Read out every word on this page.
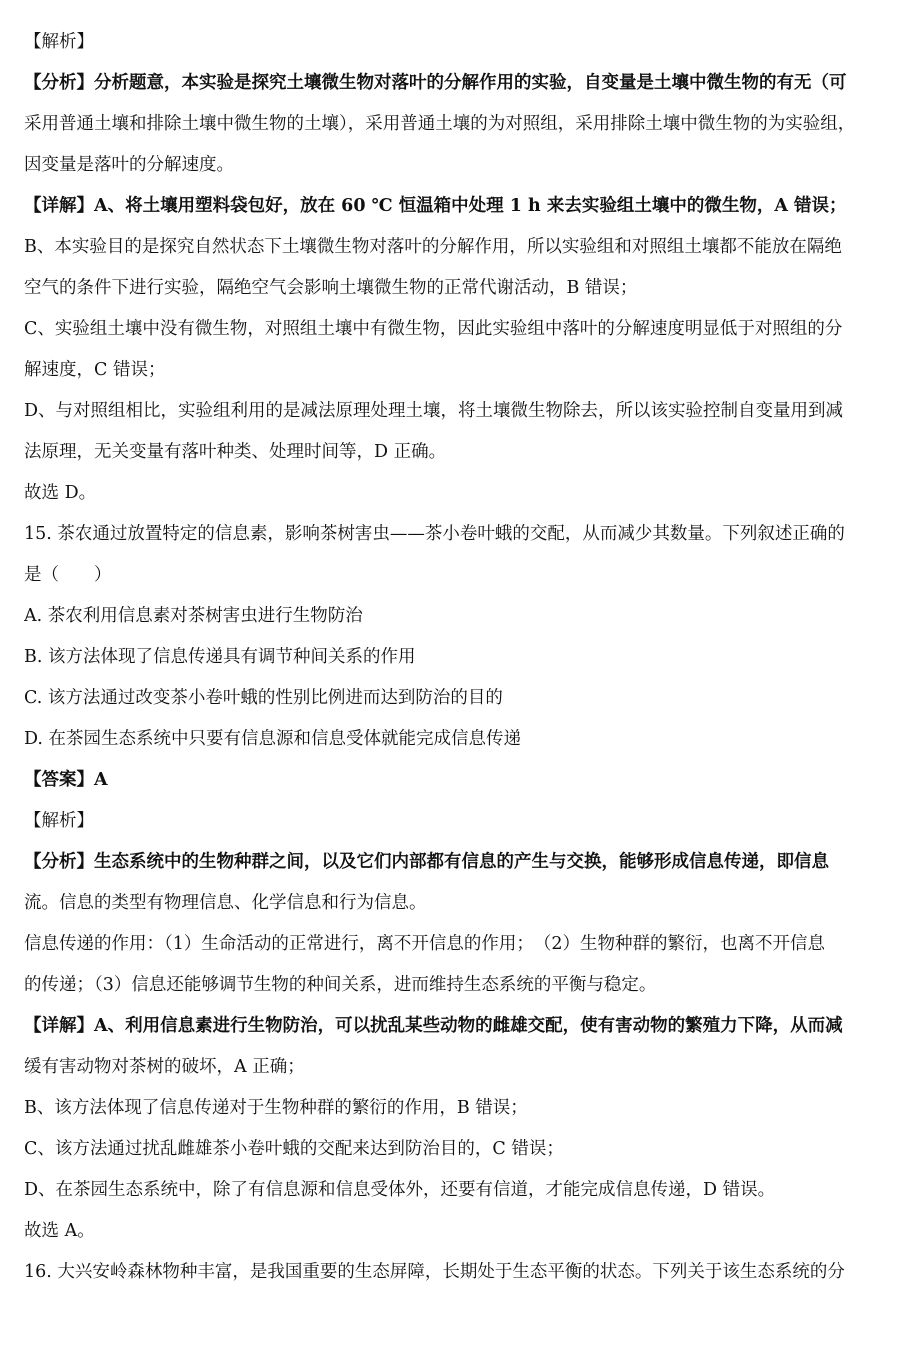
【解析】
【分析】分析题意，本实验是探究土壤微生物对落叶的分解作用的实验，自变量是土壤中微生物的有无（可
采用普通土壤和排除土壤中微生物的土壤），采用普通土壤的为对照组，采用排除土壤中微生物的为实验组，
因变量是落叶的分解速度。
【详解】A、将土壤用塑料袋包好，放在 60 ℃ 恒温箱中处理 1 h 来去实验组土壤中的微生物，A 错误；
B、本实验目的是探究自然状态下土壤微生物对落叶的分解作用，所以实验组和对照组土壤都不能放在隔绝
空气的条件下进行实验，隔绝空气会影响土壤微生物的正常代谢活动，B 错误；
C、实验组土壤中没有微生物，对照组土壤中有微生物，因此实验组中落叶的分解速度明显低于对照组的分
解速度，C 错误；
D、与对照组相比，实验组利用的是减法原理处理土壤，将土壤微生物除去，所以该实验控制自变量用到减
法原理，无关变量有落叶种类、处理时间等，D 正确。
故选 D。
15. 茶农通过放置特定的信息素，影响茶树害虫——茶小卷叶蛾的交配，从而减少其数量。下列叙述正确的
是（　　）
A. 茶农利用信息素对茶树害虫进行生物防治
B. 该方法体现了信息传递具有调节种间关系的作用
C. 该方法通过改变茶小卷叶蛾的性别比例进而达到防治的目的
D. 在茶园生态系统中只要有信息源和信息受体就能完成信息传递
【答案】A
【解析】
【分析】生态系统中的生物种群之间，以及它们内部都有信息的产生与交换，能够形成信息传递，即信息
流。信息的类型有物理信息、化学信息和行为信息。
信息传递的作用：（1）生命活动的正常进行，离不开信息的作用；　（2）生物种群的繁衍，也离不开信息
的传递；（3）信息还能够调节生物的种间关系，进而维持生态系统的平衡与稳定。
【详解】A、利用信息素进行生物防治，可以扰乱某些动物的雌雄交配，使有害动物的繁殖力下降，从而减
缓有害动物对茶树的破坏，A 正确；
B、该方法体现了信息传递对于生物种群的繁衍的作用，B 错误；
C、该方法通过扰乱雌雄茶小卷叶蛾的交配来达到防治目的，C 错误；
D、在茶园生态系统中，除了有信息源和信息受体外，还要有信道，才能完成信息传递，D 错误。
故选 A。
16. 大兴安岭森林物种丰富，是我国重要的生态屏障，长期处于生态平衡的状态。下列关于该生态系统的分
